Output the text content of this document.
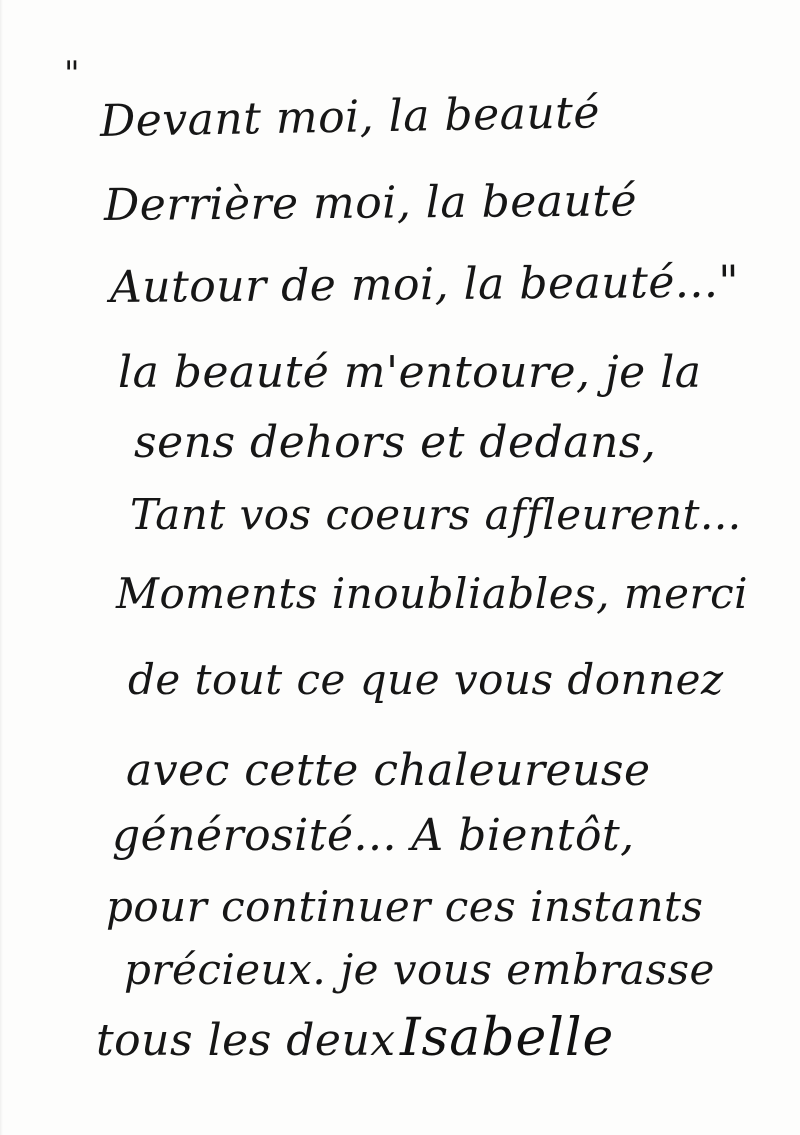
"
Devant moi, la beauté
Derrière moi, la beauté
Autour de moi, la beauté..."
la beauté m'entoure, je la
sens dehors et dedans,
Tant vos coeurs affleurent...
Moments inoubliables, merci
de tout ce que vous donnez
avec cette chaleureuse
générosité... A bientôt,
pour continuer ces instants
précieux. je vous embrasse
tous les deux Isabelle
